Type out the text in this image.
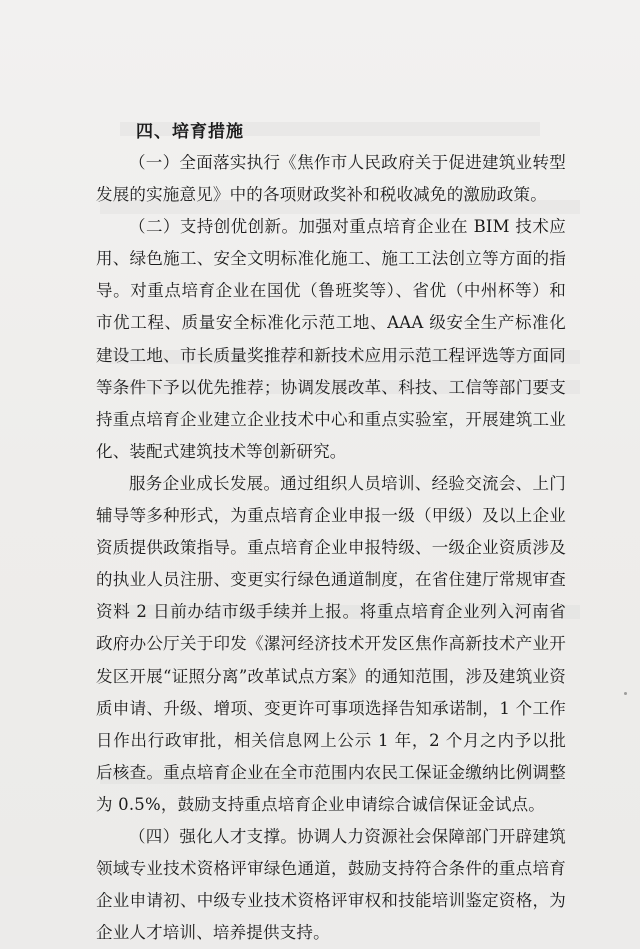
四、培育措施

（一）全面落实执行《焦作市人民政府关于促进建筑业转型发展的实施意见》中的各项财政奖补和税收减免的激励政策。

（二）支持创优创新。加强对重点培育企业在 BIM 技术应用、绿色施工、安全文明标准化施工、施工工法创立等方面的指导。对重点培育企业在国优（鲁班奖等）、省优（中州杯等）和市优工程、质量安全标准化示范工地、AAA 级安全生产标准化建设工地、市长质量奖推荐和新技术应用示范工程评选等方面同等条件下予以优先推荐；协调发展改革、科技、工信等部门要支持重点培育企业建立企业技术中心和重点实验室，开展建筑工业化、装配式建筑技术等创新研究。

服务企业成长发展。通过组织人员培训、经验交流会、上门辅导等多种形式，为重点培育企业申报一级（甲级）及以上企业资质提供政策指导。重点培育企业申报特级、一级企业资质涉及的执业人员注册、变更实行绿色通道制度，在省住建厅常规审查资料 2 日前办结市级手续并上报。将重点培育企业列入河南省政府办公厅关于印发《漯河经济技术开发区焦作高新技术产业开发区开展“证照分离”改革试点方案》的通知范围，涉及建筑业资质申请、升级、增项、变更许可事项选择告知承诺制，1 个工作日作出行政审批，相关信息网上公示 1 年，2 个月之内予以批后核查。重点培育企业在全市范围内农民工保证金缴纳比例调整为 0.5%，鼓励支持重点培育企业申请综合诚信保证金试点。

（四）强化人才支撑。协调人力资源社会保障部门开辟建筑领域专业技术资格评审绿色通道，鼓励支持符合条件的重点培育企业申请初、中级专业技术资格评审权和技能培训鉴定资格，为企业人才培训、培养提供支持。
